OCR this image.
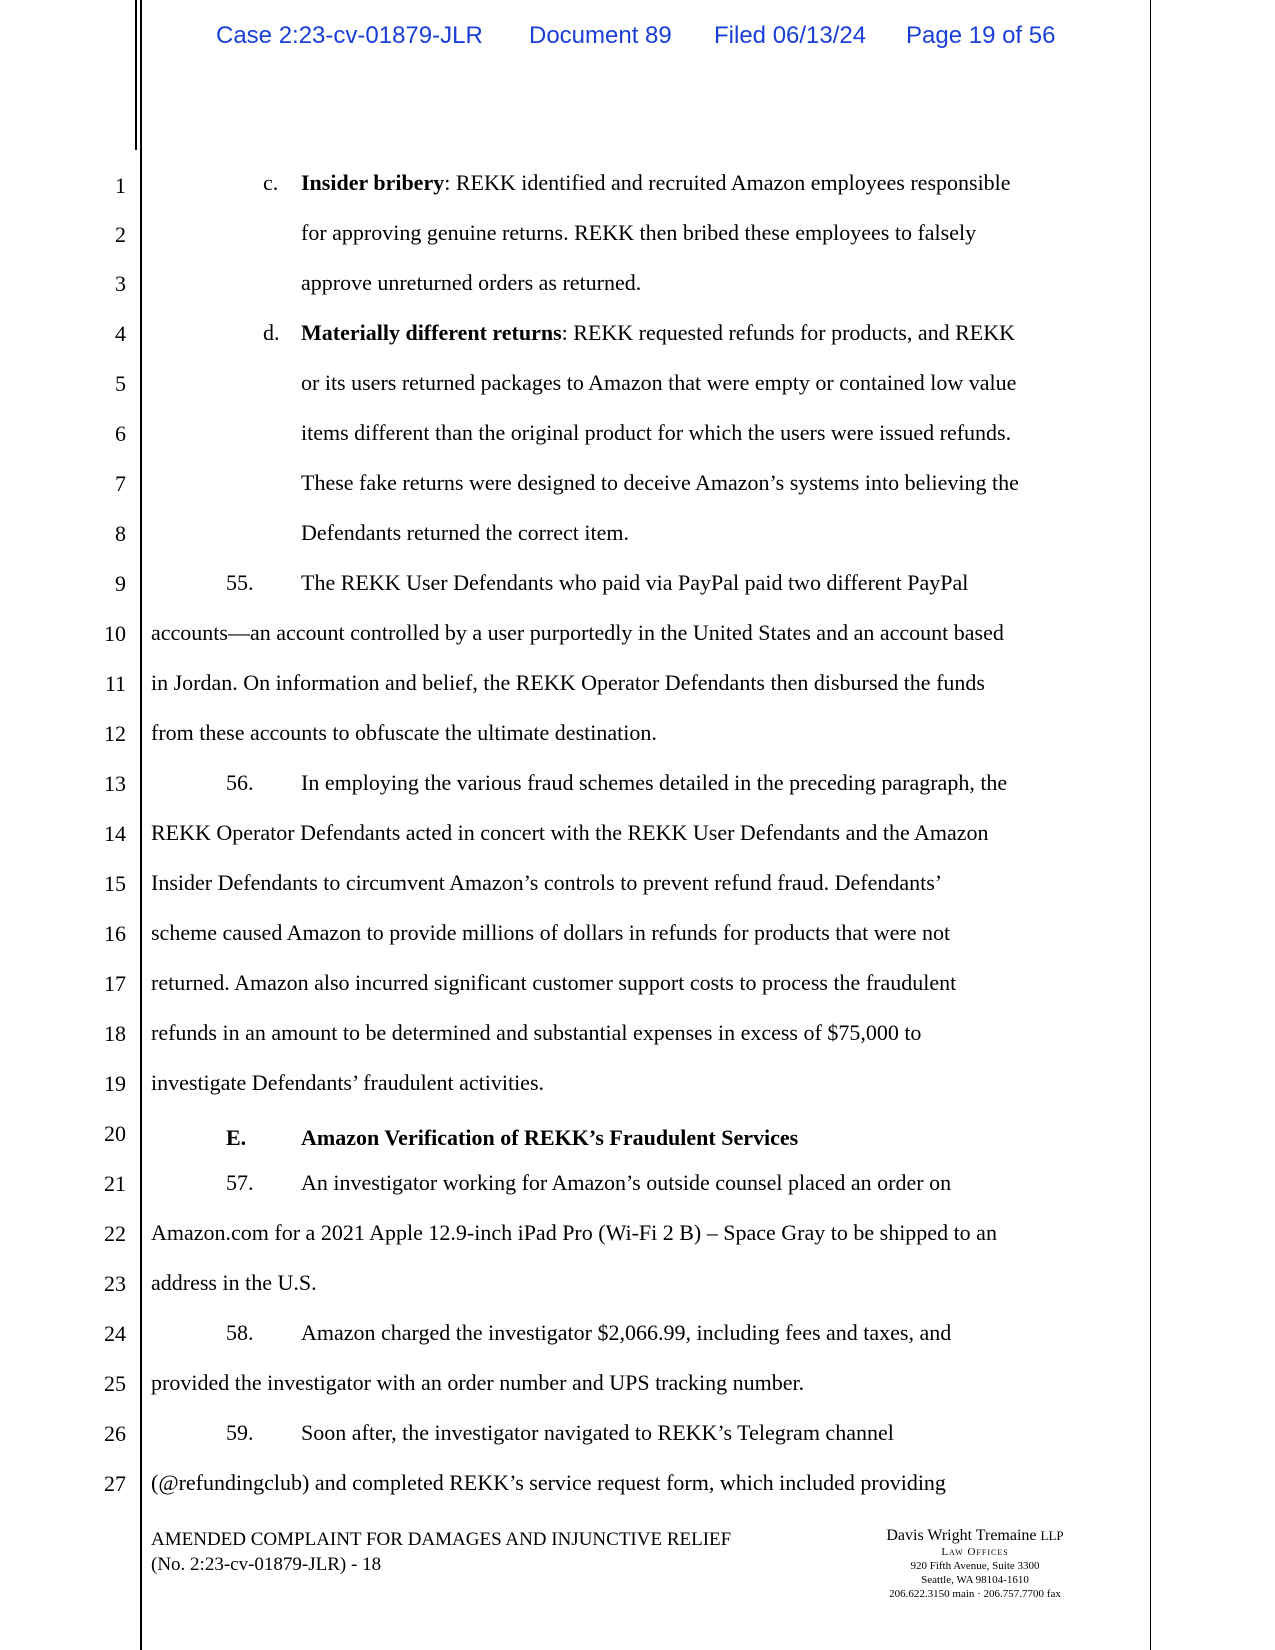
Case 2:23-cv-01879-JLR Document 89 Filed 06/13/24 Page 19 of 56
1
2
3
4
5
6
7
8
9
10
11
12
13
14
15
16
17
18
19
20
21
22
23
24
25
26
27
c. Insider bribery: REKK identified and recruited Amazon employees responsible
for approving genuine returns. REKK then bribed these employees to falsely
approve unreturned orders as returned.
d. Materially different returns: REKK requested refunds for products, and REKK
or its users returned packages to Amazon that were empty or contained low value
items different than the original product for which the users were issued refunds.
These fake returns were designed to deceive Amazon’s systems into believing the
Defendants returned the correct item.
55. The REKK User Defendants who paid via PayPal paid two different PayPal
accounts—an account controlled by a user purportedly in the United States and an account based
in Jordan. On information and belief, the REKK Operator Defendants then disbursed the funds
from these accounts to obfuscate the ultimate destination.
56. In employing the various fraud schemes detailed in the preceding paragraph, the
REKK Operator Defendants acted in concert with the REKK User Defendants and the Amazon
Insider Defendants to circumvent Amazon’s controls to prevent refund fraud. Defendants’
scheme caused Amazon to provide millions of dollars in refunds for products that were not
returned. Amazon also incurred significant customer support costs to process the fraudulent
refunds in an amount to be determined and substantial expenses in excess of $75,000 to
investigate Defendants’ fraudulent activities.
E. Amazon Verification of REKK’s Fraudulent Services
57. An investigator working for Amazon’s outside counsel placed an order on
Amazon.com for a 2021 Apple 12.9-inch iPad Pro (Wi-Fi 2 B) – Space Gray to be shipped to an
address in the U.S.
58. Amazon charged the investigator $2,066.99, including fees and taxes, and
provided the investigator with an order number and UPS tracking number.
59. Soon after, the investigator navigated to REKK’s Telegram channel
(@refundingclub) and completed REKK’s service request form, which included providing
AMENDED COMPLAINT FOR DAMAGES AND INJUNCTIVE RELIEF
(No. 2:23-cv-01879-JLR) - 18
Davis Wright Tremaine LLP
Law Offices
920 Fifth Avenue, Suite 3300
Seattle, WA 98104-1610
206.622.3150 main · 206.757.7700 fax
